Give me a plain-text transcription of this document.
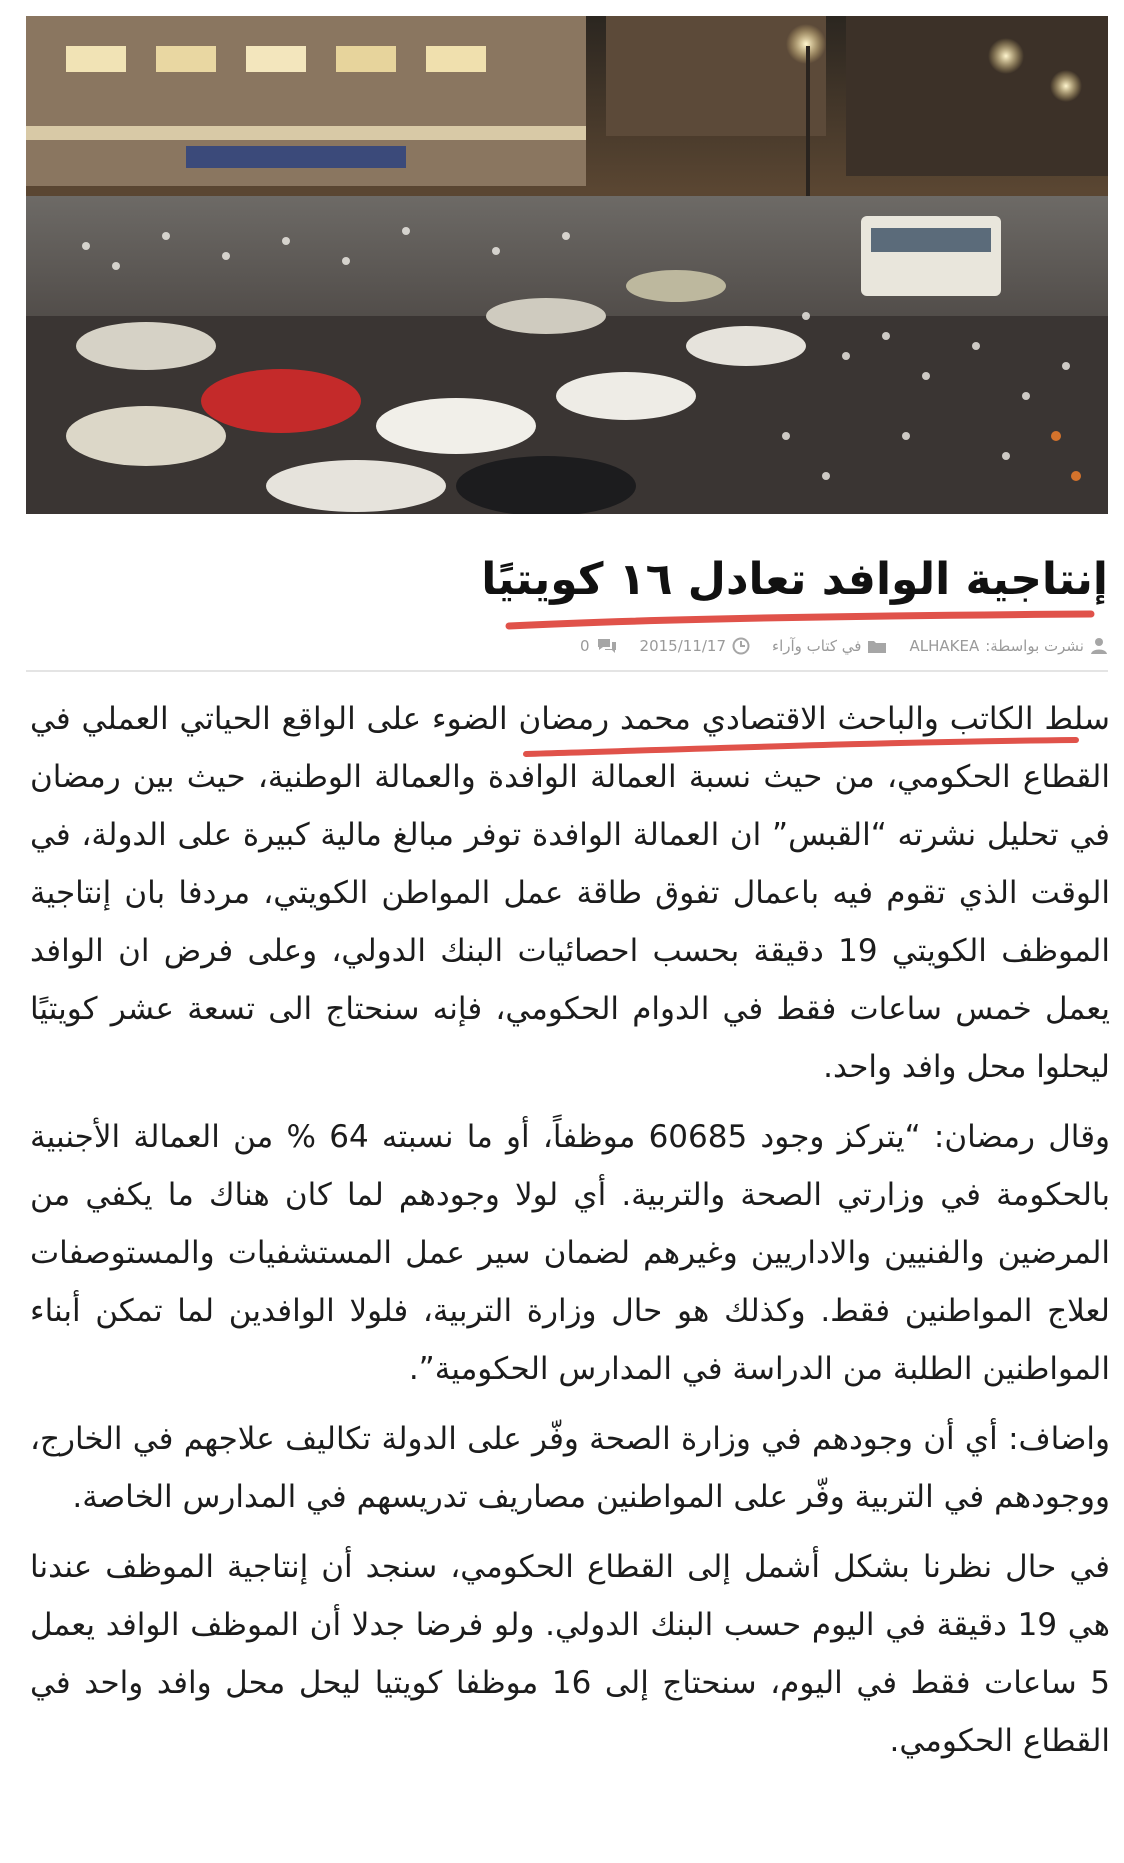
إنتاجية الوافد تعادل ١٦ كويتيًا
نشرت بواسطة:
ALHAKEA
في كتاب وآراء
2015/11/17
0

سلط الكاتب والباحث الاقتصادي محمد رمضان الضوء على الواقع الحياتي العملي في القطاع الحكومي، من حيث نسبة العمالة الوافدة والعمالة الوطنية، حيث بين رمضان في تحليل نشرته “القبس” ان العمالة الوافدة توفر مبالغ مالية كبيرة على الدولة، في الوقت الذي تقوم فيه باعمال تفوق طاقة عمل المواطن الكويتي، مردفا بان إنتاجية الموظف الكويتي 19 دقيقة بحسب احصائيات البنك الدولي، وعلى فرض ان الوافد يعمل خمس ساعات فقط في الدوام الحكومي، فإنه سنحتاج الى تسعة عشر كويتيًا ليحلوا محل وافد واحد.

وقال رمضان: “يتركز وجود 60685 موظفاً، أو ما نسبته 64 % من العمالة الأجنبية بالحكومة في وزارتي الصحة والتربية. أي لولا وجودهم لما كان هناك ما يكفي من المرضين والفنيين والاداريين وغيرهم لضمان سير عمل المستشفيات والمستوصفات لعلاج المواطنين فقط. وكذلك هو حال وزارة التربية، فلولا الوافدين لما تمكن أبناء المواطنين الطلبة من الدراسة في المدارس الحكومية”.

واضاف: أي أن وجودهم في وزارة الصحة وفّر على الدولة تكاليف علاجهم في الخارج، ووجودهم في التربية وفّر على المواطنين مصاريف تدريسهم في المدارس الخاصة.

في حال نظرنا بشكل أشمل إلى القطاع الحكومي، سنجد أن إنتاجية الموظف عندنا هي 19 دقيقة في اليوم حسب البنك الدولي. ولو فرضا جدلا أن الموظف الوافد يعمل 5 ساعات فقط في اليوم، سنحتاج إلى 16 موظفا كويتيا ليحل محل وافد واحد في القطاع الحكومي.
